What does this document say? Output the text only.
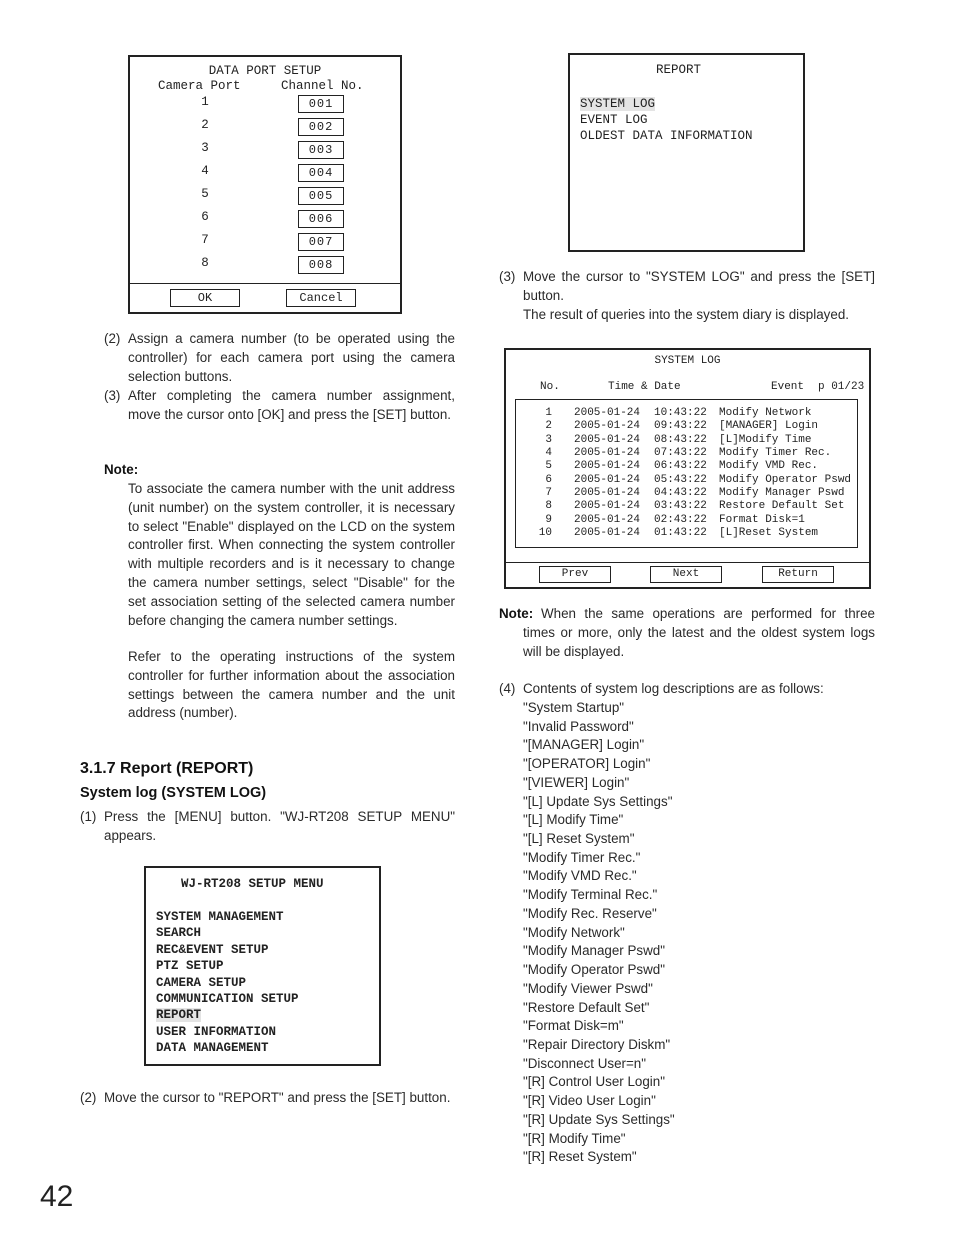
DATA PORT SETUP
Camera Port	Channel No.
1	001
2	002
3	003
4	004
5	005
6	006
7	007
8	008
OK	Cancel
(2) Assign a camera number (to be operated using the controller) for each camera port using the camera selection buttons.
(3) After completing the camera number assignment, move the cursor onto [OK] and press the [SET] button.
Note:
To associate the camera number with the unit address (unit number) on the system controller, it is necessary to select "Enable" displayed on the LCD on the system controller first. When connecting the system controller with multiple recorders and is it necessary to change the camera number settings, select "Disable" for the set association setting of the selected camera number before changing the camera number settings.
Refer to the operating instructions of the system controller for further information about the association settings between the camera number and the unit address (number).
3.1.7 Report (REPORT)
System log (SYSTEM LOG)
(1) Press the [MENU] button. "WJ-RT208 SETUP MENU" appears.
WJ-RT208 SETUP MENU
SYSTEM MANAGEMENT
SEARCH
REC&EVENT SETUP
PTZ SETUP
CAMERA SETUP
COMMUNICATION SETUP
REPORT
USER INFORMATION
DATA MANAGEMENT
(2) Move the cursor to "REPORT" and press the [SET] button.
REPORT
SYSTEM LOG
EVENT LOG
OLDEST DATA INFORMATION
(3) Move the cursor to "SYSTEM LOG" and press the [SET] button.
The result of queries into the system diary is displayed.
SYSTEM LOG
No.	Time & Date	Event p 01/23
1 2005-01-24 10:43:22 Modify Network
2 2005-01-24 09:43:22 [MANAGER] Login
3 2005-01-24 08:43:22 [L]Modify Time
4 2005-01-24 07:43:22 Modify Timer Rec.
5 2005-01-24 06:43:22 Modify VMD Rec.
6 2005-01-24 05:43:22 Modify Operator Pswd
7 2005-01-24 04:43:22 Modify Manager Pswd
8 2005-01-24 03:43:22 Restore Default Set
9 2005-01-24 02:43:22 Format Disk=1
10 2005-01-24 01:43:22 [L]Reset System
Prev	Next	Return
Note: When the same operations are performed for three times or more, only the latest and the oldest system logs will be displayed.
(4) Contents of system log descriptions are as follows:
"System Startup"
"Invalid Password"
"[MANAGER] Login"
"[OPERATOR] Login"
"[VIEWER] Login"
"[L] Update Sys Settings"
"[L] Modify Time"
"[L] Reset System"
"Modify Timer Rec."
"Modify VMD Rec."
"Modify Terminal Rec."
"Modify Rec. Reserve"
"Modify Network"
"Modify Manager Pswd"
"Modify Operator Pswd"
"Modify Viewer Pswd"
"Restore Default Set"
"Format Disk=m"
"Repair Directory Diskm"
"Disconnect User=n"
"[R] Control User Login"
"[R] Video User Login"
"[R] Update Sys Settings"
"[R] Modify Time"
"[R] Reset System"
42
